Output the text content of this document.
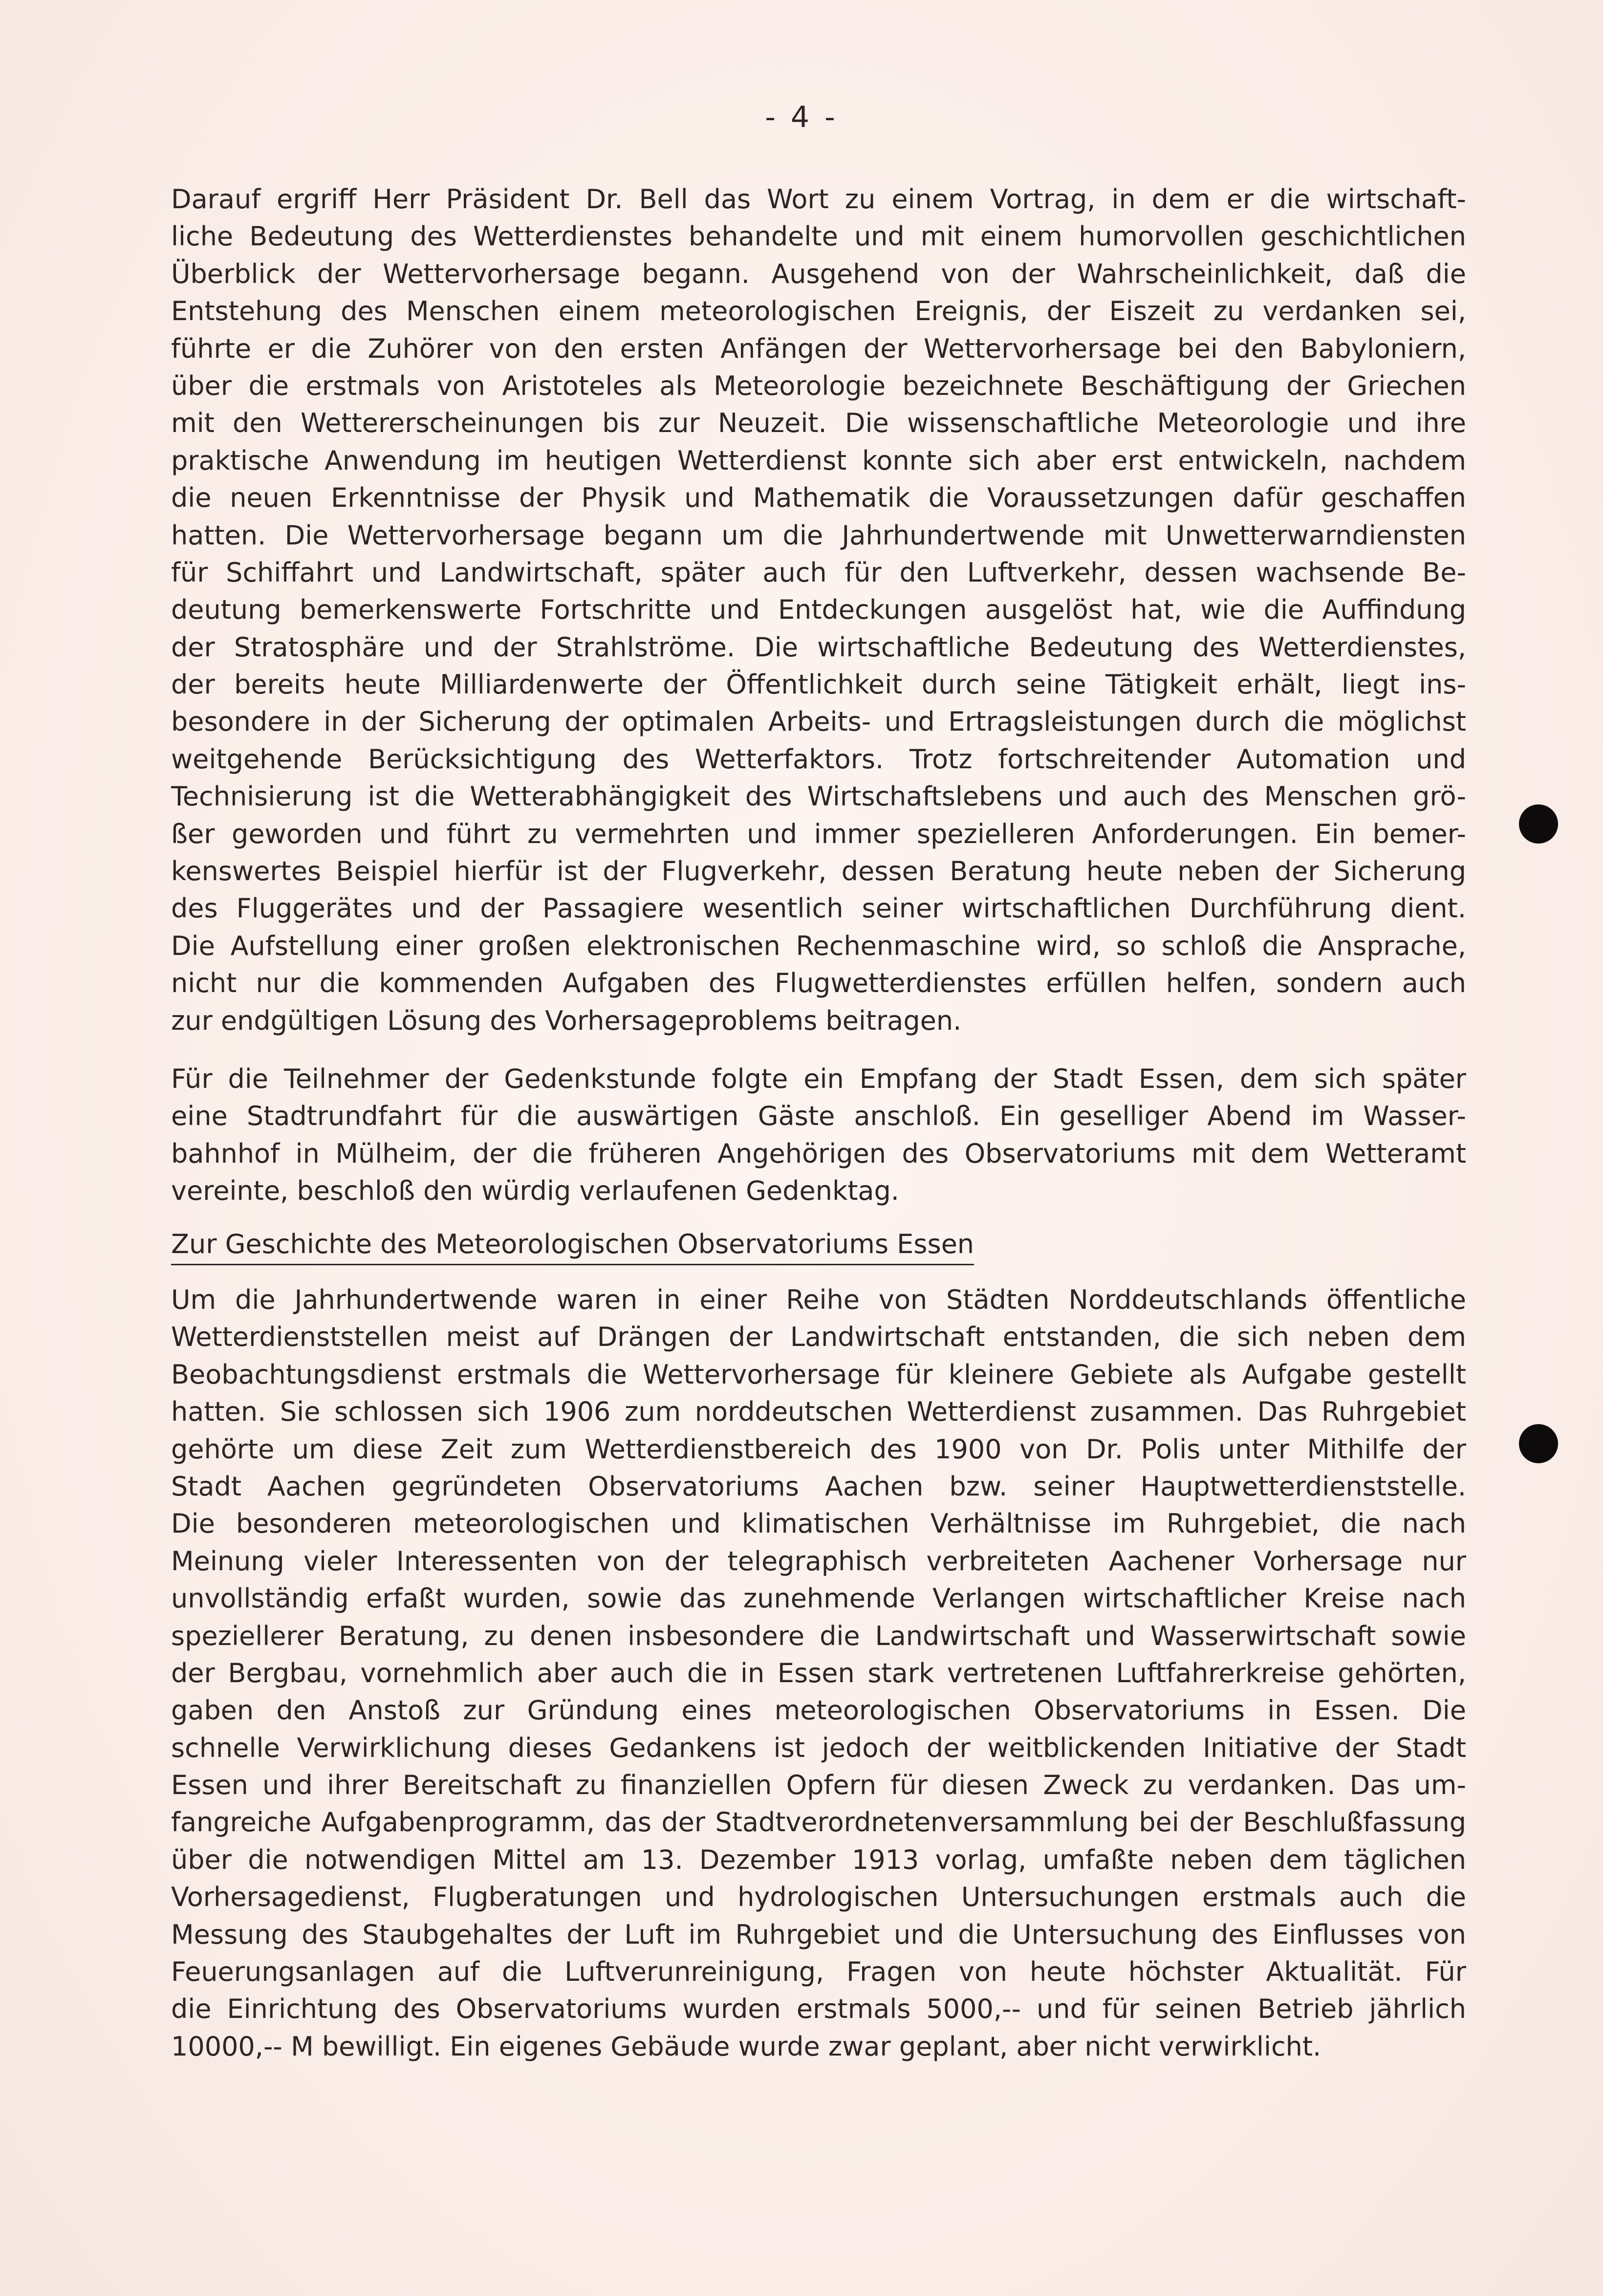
- 4 -
Darauf ergriff Herr Präsident Dr. Bell das Wort zu einem Vortrag, in dem er die wirtschaft-
liche Bedeutung des Wetterdienstes behandelte und mit einem humorvollen geschichtlichen
Überblick der Wettervorhersage begann. Ausgehend von der Wahrscheinlichkeit, daß die
Entstehung des Menschen einem meteorologischen Ereignis, der Eiszeit zu verdanken sei,
führte er die Zuhörer von den ersten Anfängen der Wettervorhersage bei den Babyloniern,
über die erstmals von Aristoteles als Meteorologie bezeichnete Beschäftigung der Griechen
mit den Wettererscheinungen bis zur Neuzeit. Die wissenschaftliche Meteorologie und ihre
praktische Anwendung im heutigen Wetterdienst konnte sich aber erst entwickeln, nachdem
die neuen Erkenntnisse der Physik und Mathematik die Voraussetzungen dafür geschaffen
hatten. Die Wettervorhersage begann um die Jahrhundertwende mit Unwetterwarndiensten
für Schiffahrt und Landwirtschaft, später auch für den Luftverkehr, dessen wachsende Be-
deutung bemerkenswerte Fortschritte und Entdeckungen ausgelöst hat, wie die Auffindung
der Stratosphäre und der Strahlströme. Die wirtschaftliche Bedeutung des Wetterdienstes,
der bereits heute Milliardenwerte der Öffentlichkeit durch seine Tätigkeit erhält, liegt ins-
besondere in der Sicherung der optimalen Arbeits- und Ertragsleistungen durch die möglichst
weitgehende Berücksichtigung des Wetterfaktors. Trotz fortschreitender Automation und
Technisierung ist die Wetterabhängigkeit des Wirtschaftslebens und auch des Menschen grö-
ßer geworden und führt zu vermehrten und immer spezielleren Anforderungen. Ein bemer-
kenswertes Beispiel hierfür ist der Flugverkehr, dessen Beratung heute neben der Sicherung
des Fluggerätes und der Passagiere wesentlich seiner wirtschaftlichen Durchführung dient.
Die Aufstellung einer großen elektronischen Rechenmaschine wird, so schloß die Ansprache,
nicht nur die kommenden Aufgaben des Flugwetterdienstes erfüllen helfen, sondern auch
zur endgültigen Lösung des Vorhersageproblems beitragen.
Für die Teilnehmer der Gedenkstunde folgte ein Empfang der Stadt Essen, dem sich später
eine Stadtrundfahrt für die auswärtigen Gäste anschloß. Ein geselliger Abend im Wasser-
bahnhof in Mülheim, der die früheren Angehörigen des Observatoriums mit dem Wetteramt
vereinte, beschloß den würdig verlaufenen Gedenktag.
Zur Geschichte des Meteorologischen Observatoriums Essen
Um die Jahrhundertwende waren in einer Reihe von Städten Norddeutschlands öffentliche
Wetterdienststellen meist auf Drängen der Landwirtschaft entstanden, die sich neben dem
Beobachtungsdienst erstmals die Wettervorhersage für kleinere Gebiete als Aufgabe gestellt
hatten. Sie schlossen sich 1906 zum norddeutschen Wetterdienst zusammen. Das Ruhrgebiet
gehörte um diese Zeit zum Wetterdienstbereich des 1900 von Dr. Polis unter Mithilfe der
Stadt Aachen gegründeten Observatoriums Aachen bzw. seiner Hauptwetterdienststelle.
Die besonderen meteorologischen und klimatischen Verhältnisse im Ruhrgebiet, die nach
Meinung vieler Interessenten von der telegraphisch verbreiteten Aachener Vorhersage nur
unvollständig erfaßt wurden, sowie das zunehmende Verlangen wirtschaftlicher Kreise nach
speziellerer Beratung, zu denen insbesondere die Landwirtschaft und Wasserwirtschaft sowie
der Bergbau, vornehmlich aber auch die in Essen stark vertretenen Luftfahrerkreise gehörten,
gaben den Anstoß zur Gründung eines meteorologischen Observatoriums in Essen. Die
schnelle Verwirklichung dieses Gedankens ist jedoch der weitblickenden Initiative der Stadt
Essen und ihrer Bereitschaft zu finanziellen Opfern für diesen Zweck zu verdanken. Das um-
fangreiche Aufgabenprogramm, das der Stadtverordnetenversammlung bei der Beschlußfassung
über die notwendigen Mittel am 13. Dezember 1913 vorlag, umfaßte neben dem täglichen
Vorhersagedienst, Flugberatungen und hydrologischen Untersuchungen erstmals auch die
Messung des Staubgehaltes der Luft im Ruhrgebiet und die Untersuchung des Einflusses von
Feuerungsanlagen auf die Luftverunreinigung, Fragen von heute höchster Aktualität. Für
die Einrichtung des Observatoriums wurden erstmals 5000,-- und für seinen Betrieb jährlich
10000,-- M bewilligt. Ein eigenes Gebäude wurde zwar geplant, aber nicht verwirklicht.
